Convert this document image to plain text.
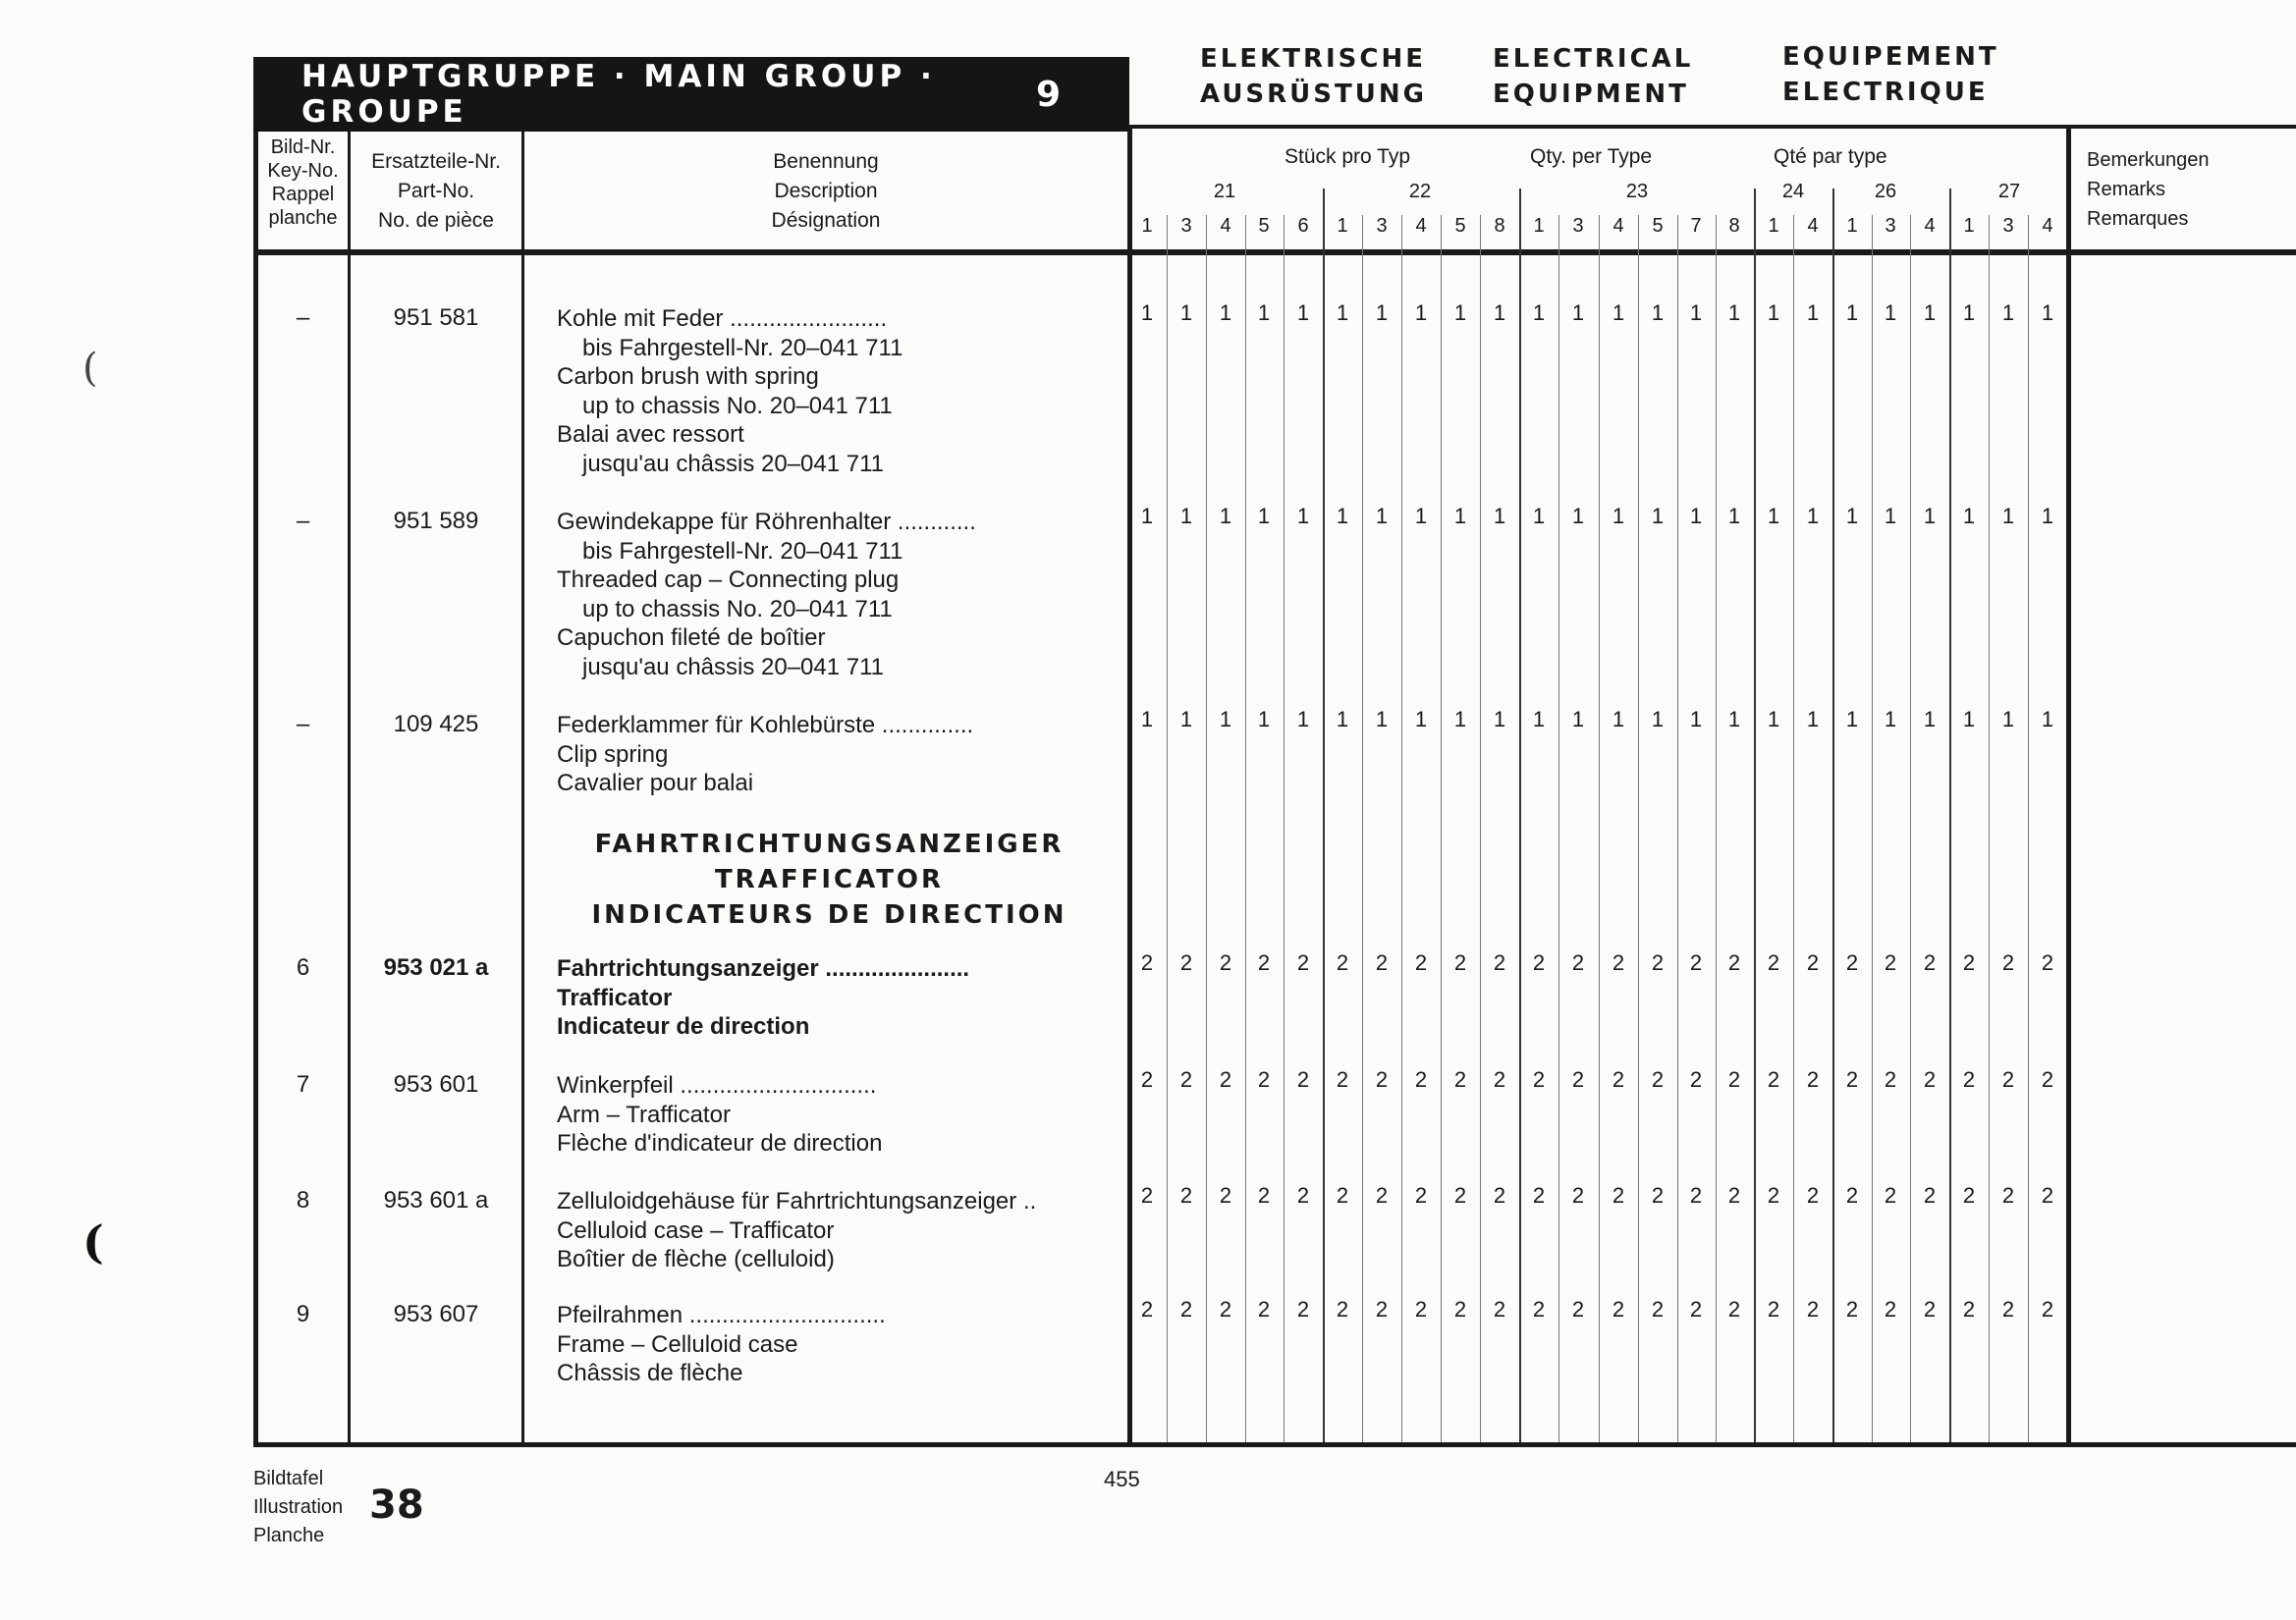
HAUPTGRUPPE · MAIN GROUP · GROUPE	9
ELEKTRISCHE
AUSRÜSTUNG
ELECTRICAL
EQUIPMENT
EQUIPEMENT
ELECTRIQUE
Bild-Nr.
Key-No.
Rappel
planche
Ersatzteile-Nr.
Part-No.
No. de pièce
Benennung
Description
Désignation
Stück pro Typ	Qty. per Type	Qté par type
21	22	23	24	26	27
1	3	4	5	6	1	3	4	5	8	1	3	4	5	7	8	1	4	1	3	4	1	3	4
Bemerkungen
Remarks
Remarques
–	951 581	Kohle mit Feder ........................
bis Fahrgestell-Nr. 20–041 711
Carbon brush with spring
up to chassis No. 20–041 711
Balai avec ressort
jusqu'au châssis 20–041 711
1	1	1	1	1	1	1	1	1	1	1	1	1	1	1	1	1	1	1	1	1	1	1	1
–	951 589	Gewindekappe für Röhrenhalter ............
bis Fahrgestell-Nr. 20–041 711
Threaded cap – Connecting plug
up to chassis No. 20–041 711
Capuchon fileté de boîtier
jusqu'au châssis 20–041 711
1	1	1	1	1	1	1	1	1	1	1	1	1	1	1	1	1	1	1	1	1	1	1	1
–	109 425	Federklammer für Kohlebürste ..............
Clip spring
Cavalier pour balai
1	1	1	1	1	1	1	1	1	1	1	1	1	1	1	1	1	1	1	1	1	1	1	1
6	953 021 a	Fahrtrichtungsanzeiger ......................
Trafficator
Indicateur de direction
2	2	2	2	2	2	2	2	2	2	2	2	2	2	2	2	2	2	2	2	2	2	2	2
7	953 601	Winkerpfeil ..............................
Arm – Trafficator
Flèche d'indicateur de direction
2	2	2	2	2	2	2	2	2	2	2	2	2	2	2	2	2	2	2	2	2	2	2	2
8	953 601 a	Zelluloidgehäuse für Fahrtrichtungsanzeiger ..
Celluloid case – Trafficator
Boîtier de flèche (celluloid)
2	2	2	2	2	2	2	2	2	2	2	2	2	2	2	2	2	2	2	2	2	2	2	2
9	953 607	Pfeilrahmen ..............................
Frame – Celluloid case
Châssis de flèche
2	2	2	2	2	2	2	2	2	2	2	2	2	2	2	2	2	2	2	2	2	2	2	2
FAHRTRICHTUNGSANZEIGER
TRAFFICATOR
INDICATEURS DE DIRECTION
Bildtafel
Illustration
Planche
38
455
(
(
